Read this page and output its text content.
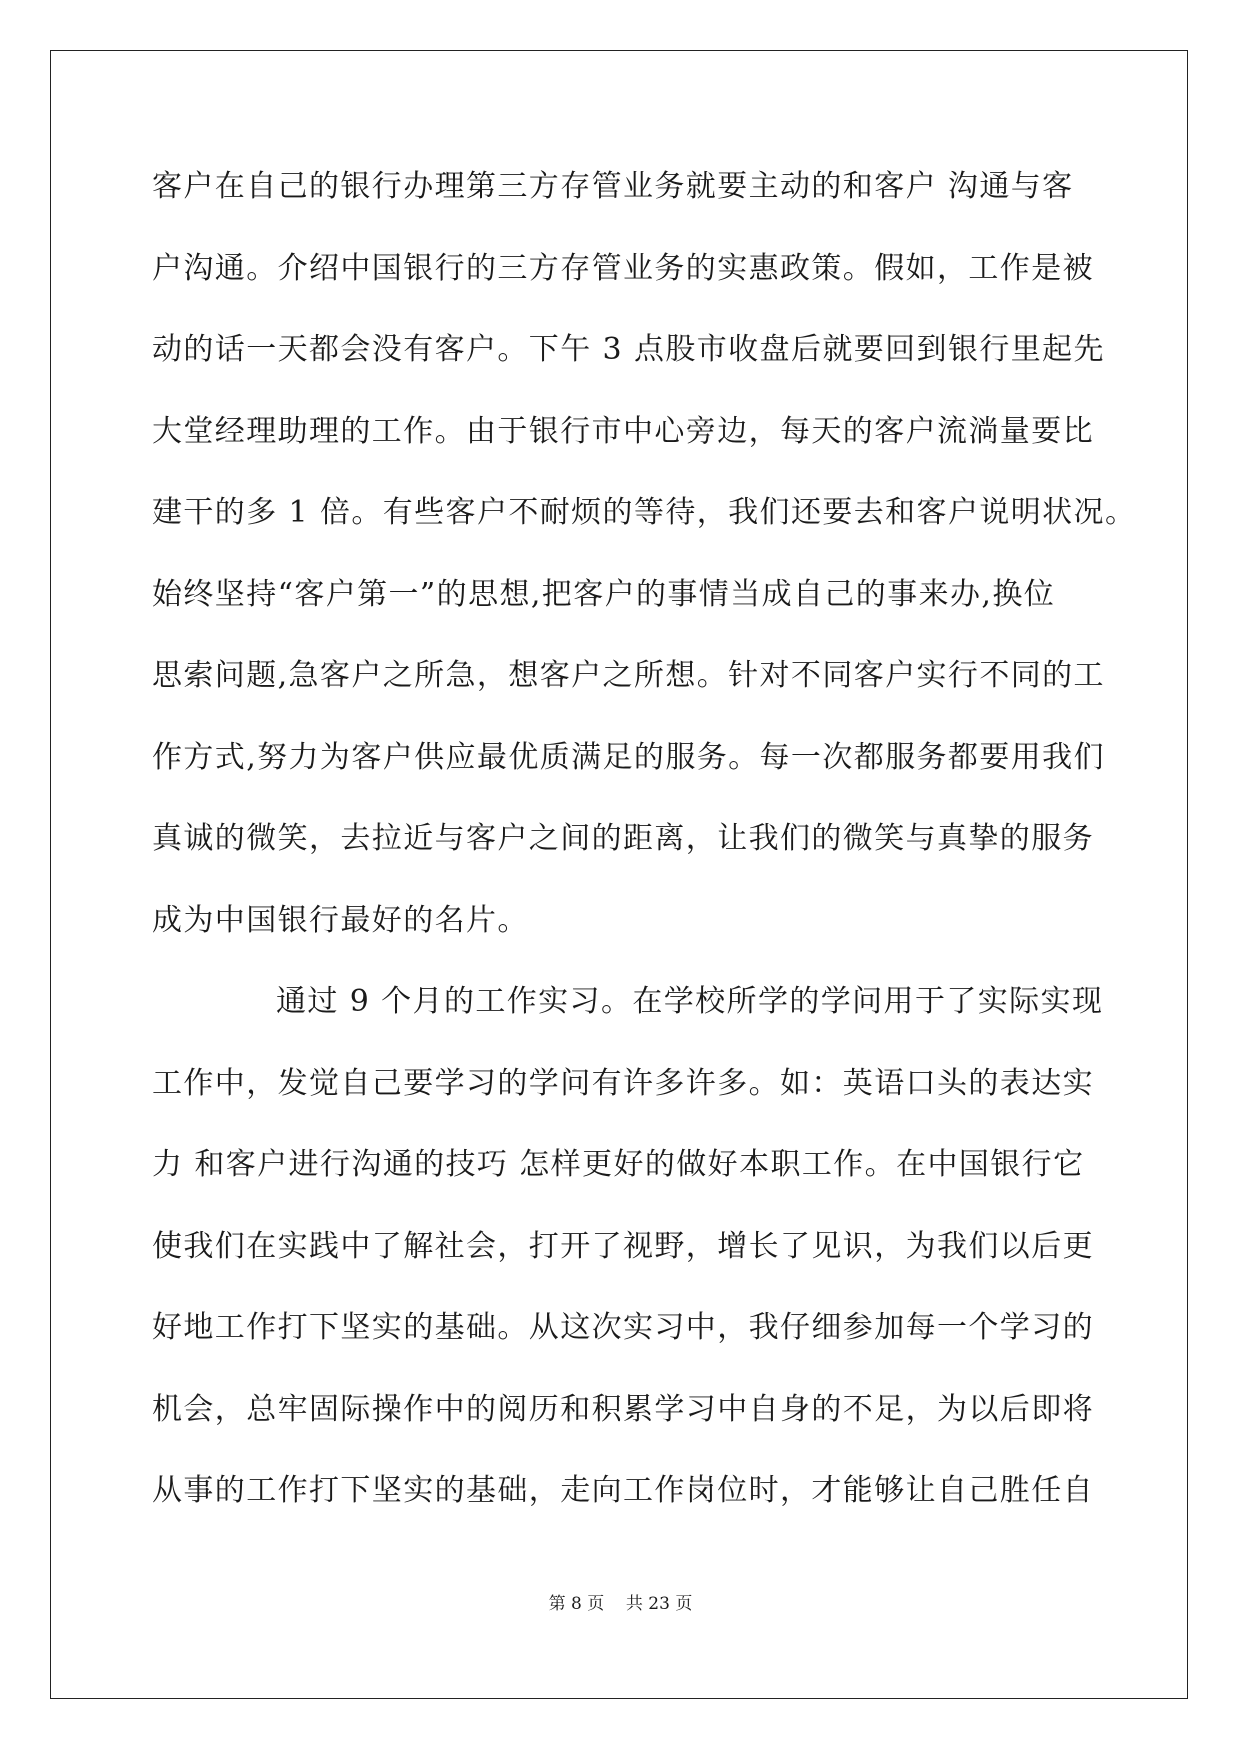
客户在自己的银行办理第三方存管业务就要主动的和客户 沟通与客
户沟通。介绍中国银行的三方存管业务的实惠政策。假如，工作是被
动的话一天都会没有客户。下午 3 点股市收盘后就要回到银行里起先
大堂经理助理的工作。由于银行市中心旁边，每天的客户流淌量要比
建干的多 1 倍。有些客户不耐烦的等待，我们还要去和客户说明状况。
始终坚持“客户第一”的思想,把客户的事情当成自己的事来办,换位
思索问题,急客户之所急，想客户之所想。针对不同客户实行不同的工
作方式,努力为客户供应最优质满足的服务。每一次都服务都要用我们
真诚的微笑，去拉近与客户之间的距离，让我们的微笑与真挚的服务
成为中国银行最好的名片。
通过 9 个月的工作实习。在学校所学的学问用于了实际实现
工作中，发觉自己要学习的学问有许多许多。如：英语口头的表达实
力 和客户进行沟通的技巧 怎样更好的做好本职工作。在中国银行它
使我们在实践中了解社会，打开了视野，增长了见识，为我们以后更
好地工作打下坚实的基础。从这次实习中，我仔细参加每一个学习的
机会，总牢固际操作中的阅历和积累学习中自身的不足，为以后即将
从事的工作打下坚实的基础，走向工作岗位时，才能够让自己胜任自
第 8 页    共 23 页
